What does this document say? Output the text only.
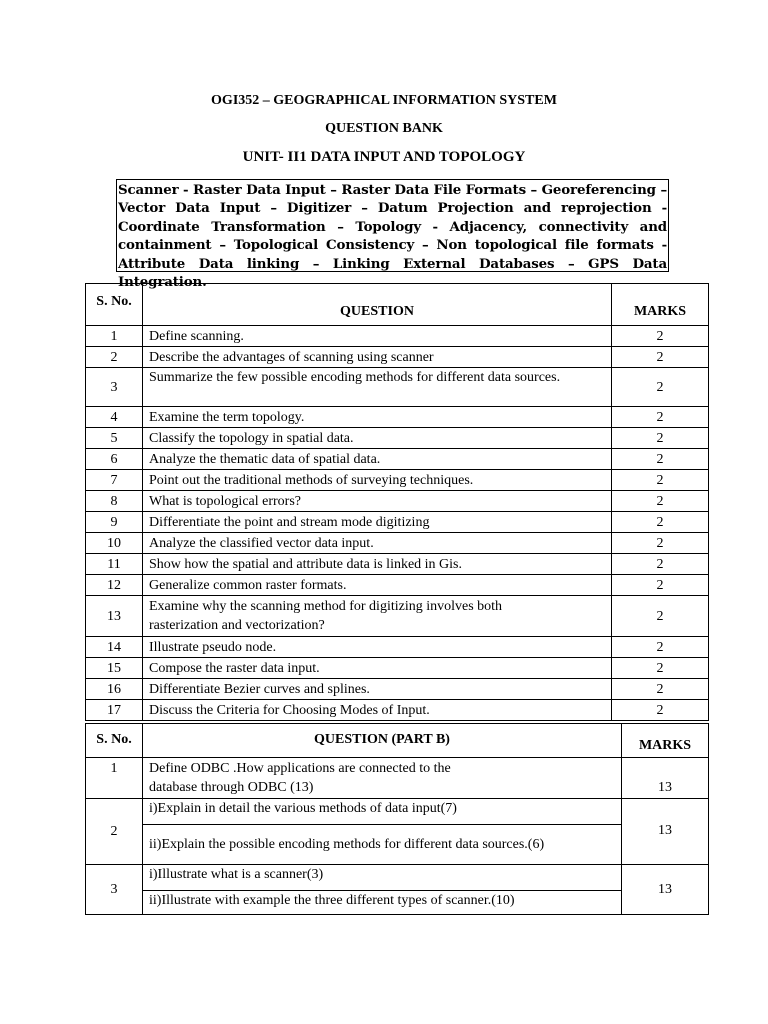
OGI352 – GEOGRAPHICAL INFORMATION SYSTEM
QUESTION BANK
UNIT- II1 DATA INPUT AND TOPOLOGY
Scanner - Raster Data Input – Raster Data File Formats – Georeferencing – Vector Data Input – Digitizer – Datum Projection and reprojection -Coordinate Transformation – Topology - Adjacency, connectivity and containment – Topological Consistency – Non topological file formats - Attribute Data linking – Linking External Databases – GPS Data Integration.
S. No.	QUESTION	MARKS
1	Define scanning.	2
2	Describe the advantages of scanning using scanner	2
3	Summarize the few possible encoding methods for different data sources.	2
4	Examine the term topology.	2
5	Classify the topology in spatial data.	2
6	Analyze the thematic data of spatial data.	2
7	Point out the traditional methods of surveying techniques.	2
8	What is topological errors?	2
9	Differentiate the point and stream mode digitizing	2
10	Analyze the classified vector data input.	2
11	Show how the spatial and attribute data is linked in Gis.	2
12	Generalize common raster formats.	2
13	Examine why the scanning method for digitizing involves both
rasterization and vectorization?	2
14	Illustrate pseudo node.	2
15	Compose the raster data input.	2
16	Differentiate Bezier curves and splines.	2
17	Discuss the Criteria for Choosing Modes of Input.	2
S. No.	QUESTION (PART B)	MARKS
1	Define ODBC .How applications are connected to the
database through ODBC (13)	13
2	i)Explain in detail the various methods of data input(7)	13
	ii)Explain the possible encoding methods for different data sources.(6)	
3	i)Illustrate what is a scanner(3)	13
	ii)Illustrate with example the three different types of scanner.(10)	
